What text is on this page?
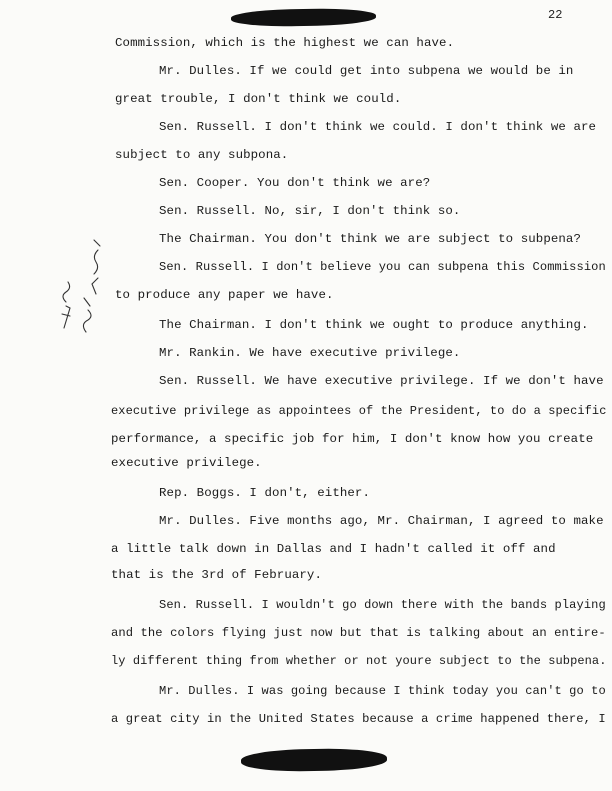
22
Commission, which is the highest we can have.
Mr. Dulles. If we could get into subpena we would be in
great trouble, I don't think we could.
Sen. Russell. I don't think we could. I don't think we are
subject to any subpona.
Sen. Cooper. You don't think we are?
Sen. Russell. No, sir, I don't think so.
The Chairman. You don't think we are subject to subpena?
Sen. Russell. I don't believe you can subpena this Commission
to produce any paper we have.
The Chairman. I don't think we ought to produce anything.
Mr. Rankin. We have executive privilege.
Sen. Russell. We have executive privilege. If we don't have
executive privilege as appointees of the President, to do a specific
performance, a specific job for him, I don't know how you create
executive privilege.
Rep. Boggs. I don't, either.
Mr. Dulles. Five months ago, Mr. Chairman, I agreed to make
a little talk down in Dallas and I hadn't called it off and
that is the 3rd of February.
Sen. Russell. I wouldn't go down there with the bands playing
and the colors flying just now but that is talking about an entire-
ly different thing from whether or not youre subject to the subpena.
Mr. Dulles. I was going because I think today you can't go to
a great city in the United States because a crime happened there, I
